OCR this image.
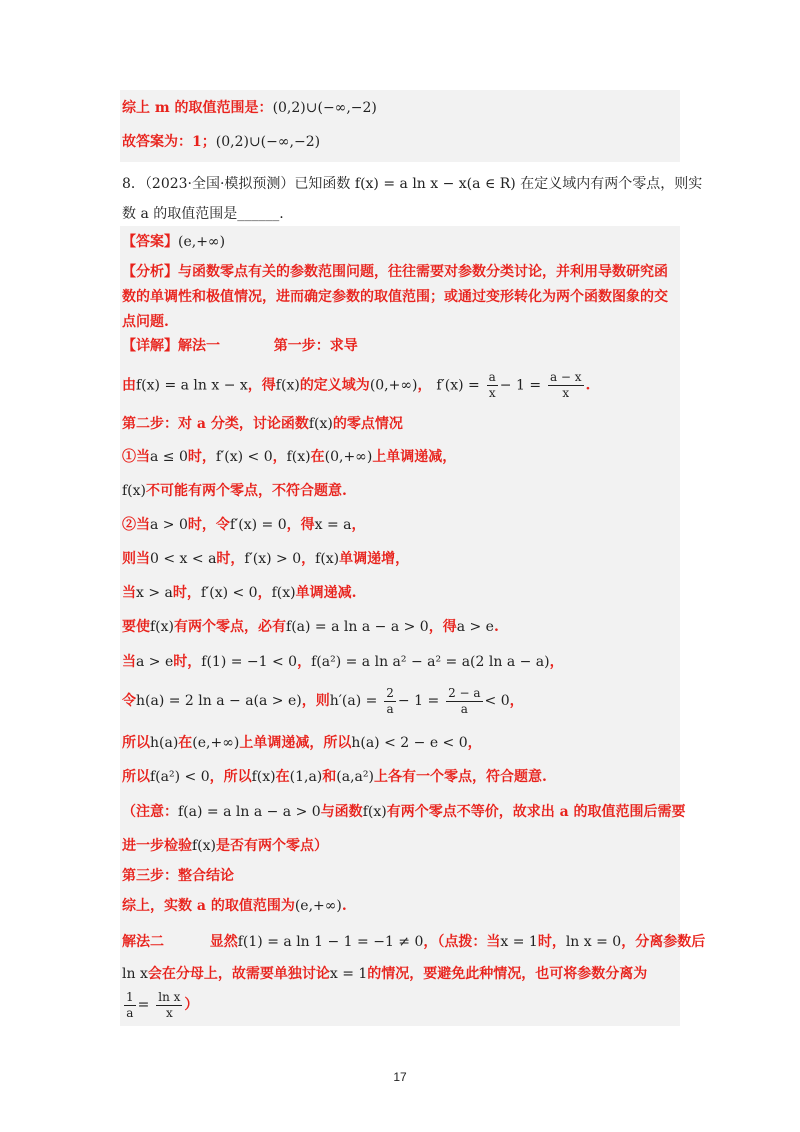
综上 m 的取值范围是：(0,2)∪(−∞,−2)
故答案为：1；(0,2)∪(−∞,−2)
8．（2023·全国·模拟预测）已知函数 f(x) = a ln x − x(a ∈ R) 在定义域内有两个零点，则实
数 a 的取值范围是______.
【答案】(e,+∞)
【分析】与函数零点有关的参数范围问题，往往需要对参数分类讨论，并利用导数研究函
数的单调性和极值情况，进而确定参数的取值范围；或通过变形转化为两个函数图象的交
点问题.
【详解】解法一	第一步：求导
由f(x) = a ln x − x，得f(x)的定义域为(0,+∞)， $f'(x) = \frac{a}{x} - 1 = \frac{a - x}{x}$ .
第二步：对 a 分类，讨论函数f(x)的零点情况
①当a ≤ 0时，f′(x) < 0，f(x)在(0,+∞)上单调递减，
f(x)不可能有两个零点，不符合题意.
②当a > 0时，令f′(x) = 0，得x = a，
则当0 < x < a时，f′(x) > 0，f(x)单调递增，
当x > a时，f′(x) < 0，f(x)单调递减.
要使f(x)有两个零点，必有f(a) = a ln a − a > 0，得a > e.
当a > e时，f(1) = −1 < 0，f(a²) = a ln a² − a² = a(2 ln a − a)，
令h(a) = 2 ln a − a(a > e)，则$h'(a) = \frac{2}{a} - 1 = \frac{2 - a}{a} < 0$，
所以h(a)在(e,+∞)上单调递减，所以h(a) < 2 − e < 0，
所以f(a²) < 0，所以f(x)在(1,a)和(a,a²)上各有一个零点，符合题意.
（注意：f(a) = a ln a − a > 0与函数f(x)有两个零点不等价，故求出 a 的取值范围后需要
进一步检验f(x)是否有两个零点）
第三步：整合结论
综上，实数 a 的取值范围为(e,+∞).
解法二	显然f(1) = a ln 1 − 1 = −1 ≠ 0，（点拨：当x = 1时，ln x = 0，分离参数后
ln x会在分母上，故需要单独讨论x = 1的情况，要避免此种情况，也可将参数分离为
$\frac{1}{a} = \frac{\text{ln x}}{x}$ ）
17
